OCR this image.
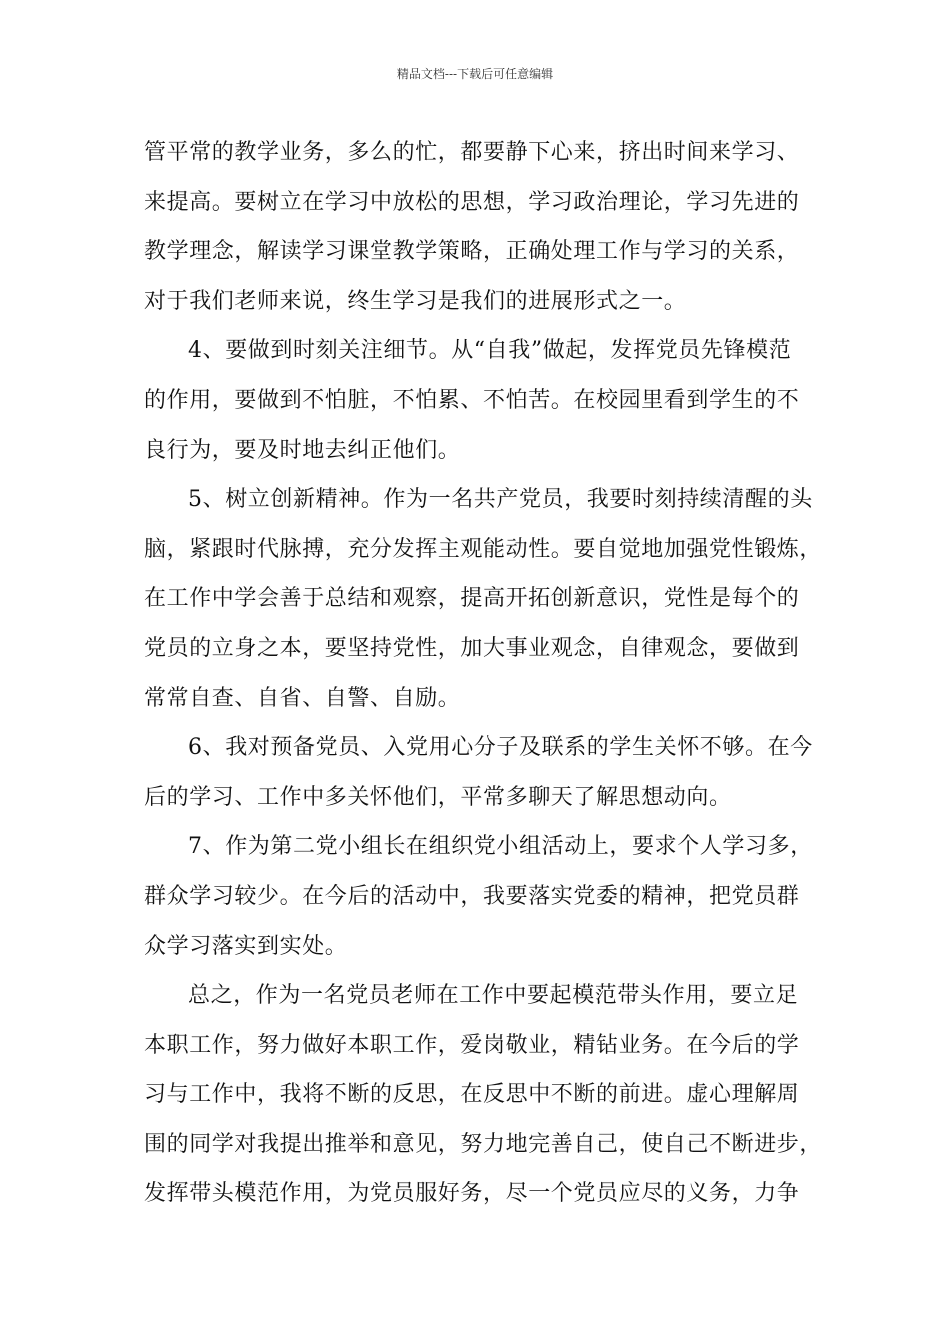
精品文档---下载后可任意编辑
管平常的教学业务，多么的忙，都要静下心来，挤出时间来学习、
来提高。要树立在学习中放松的思想，学习政治理论，学习先进的
教学理念，解读学习课堂教学策略，正确处理工作与学习的关系，
对于我们老师来说，终生学习是我们的进展形式之一。
4、要做到时刻关注细节。从“自我”做起，发挥党员先锋模范
的作用，要做到不怕脏，不怕累、不怕苦。在校园里看到学生的不
良行为，要及时地去纠正他们。
5、树立创新精神。作为一名共产党员，我要时刻持续清醒的头
脑，紧跟时代脉搏，充分发挥主观能动性。要自觉地加强党性锻炼，
在工作中学会善于总结和观察，提高开拓创新意识，党性是每个的
党员的立身之本，要坚持党性，加大事业观念，自律观念，要做到
常常自查、自省、自警、自励。
6、我对预备党员、入党用心分子及联系的学生关怀不够。在今
后的学习、工作中多关怀他们，平常多聊天了解思想动向。
7、作为第二党小组长在组织党小组活动上，要求个人学习多，
群众学习较少。在今后的活动中，我要落实党委的精神，把党员群
众学习落实到实处。
总之，作为一名党员老师在工作中要起模范带头作用，要立足
本职工作，努力做好本职工作，爱岗敬业，精钻业务。在今后的学
习与工作中，我将不断的反思，在反思中不断的前进。虚心理解周
围的同学对我提出推举和意见，努力地完善自己，使自己不断进步，
发挥带头模范作用，为党员服好务，尽一个党员应尽的义务，力争
